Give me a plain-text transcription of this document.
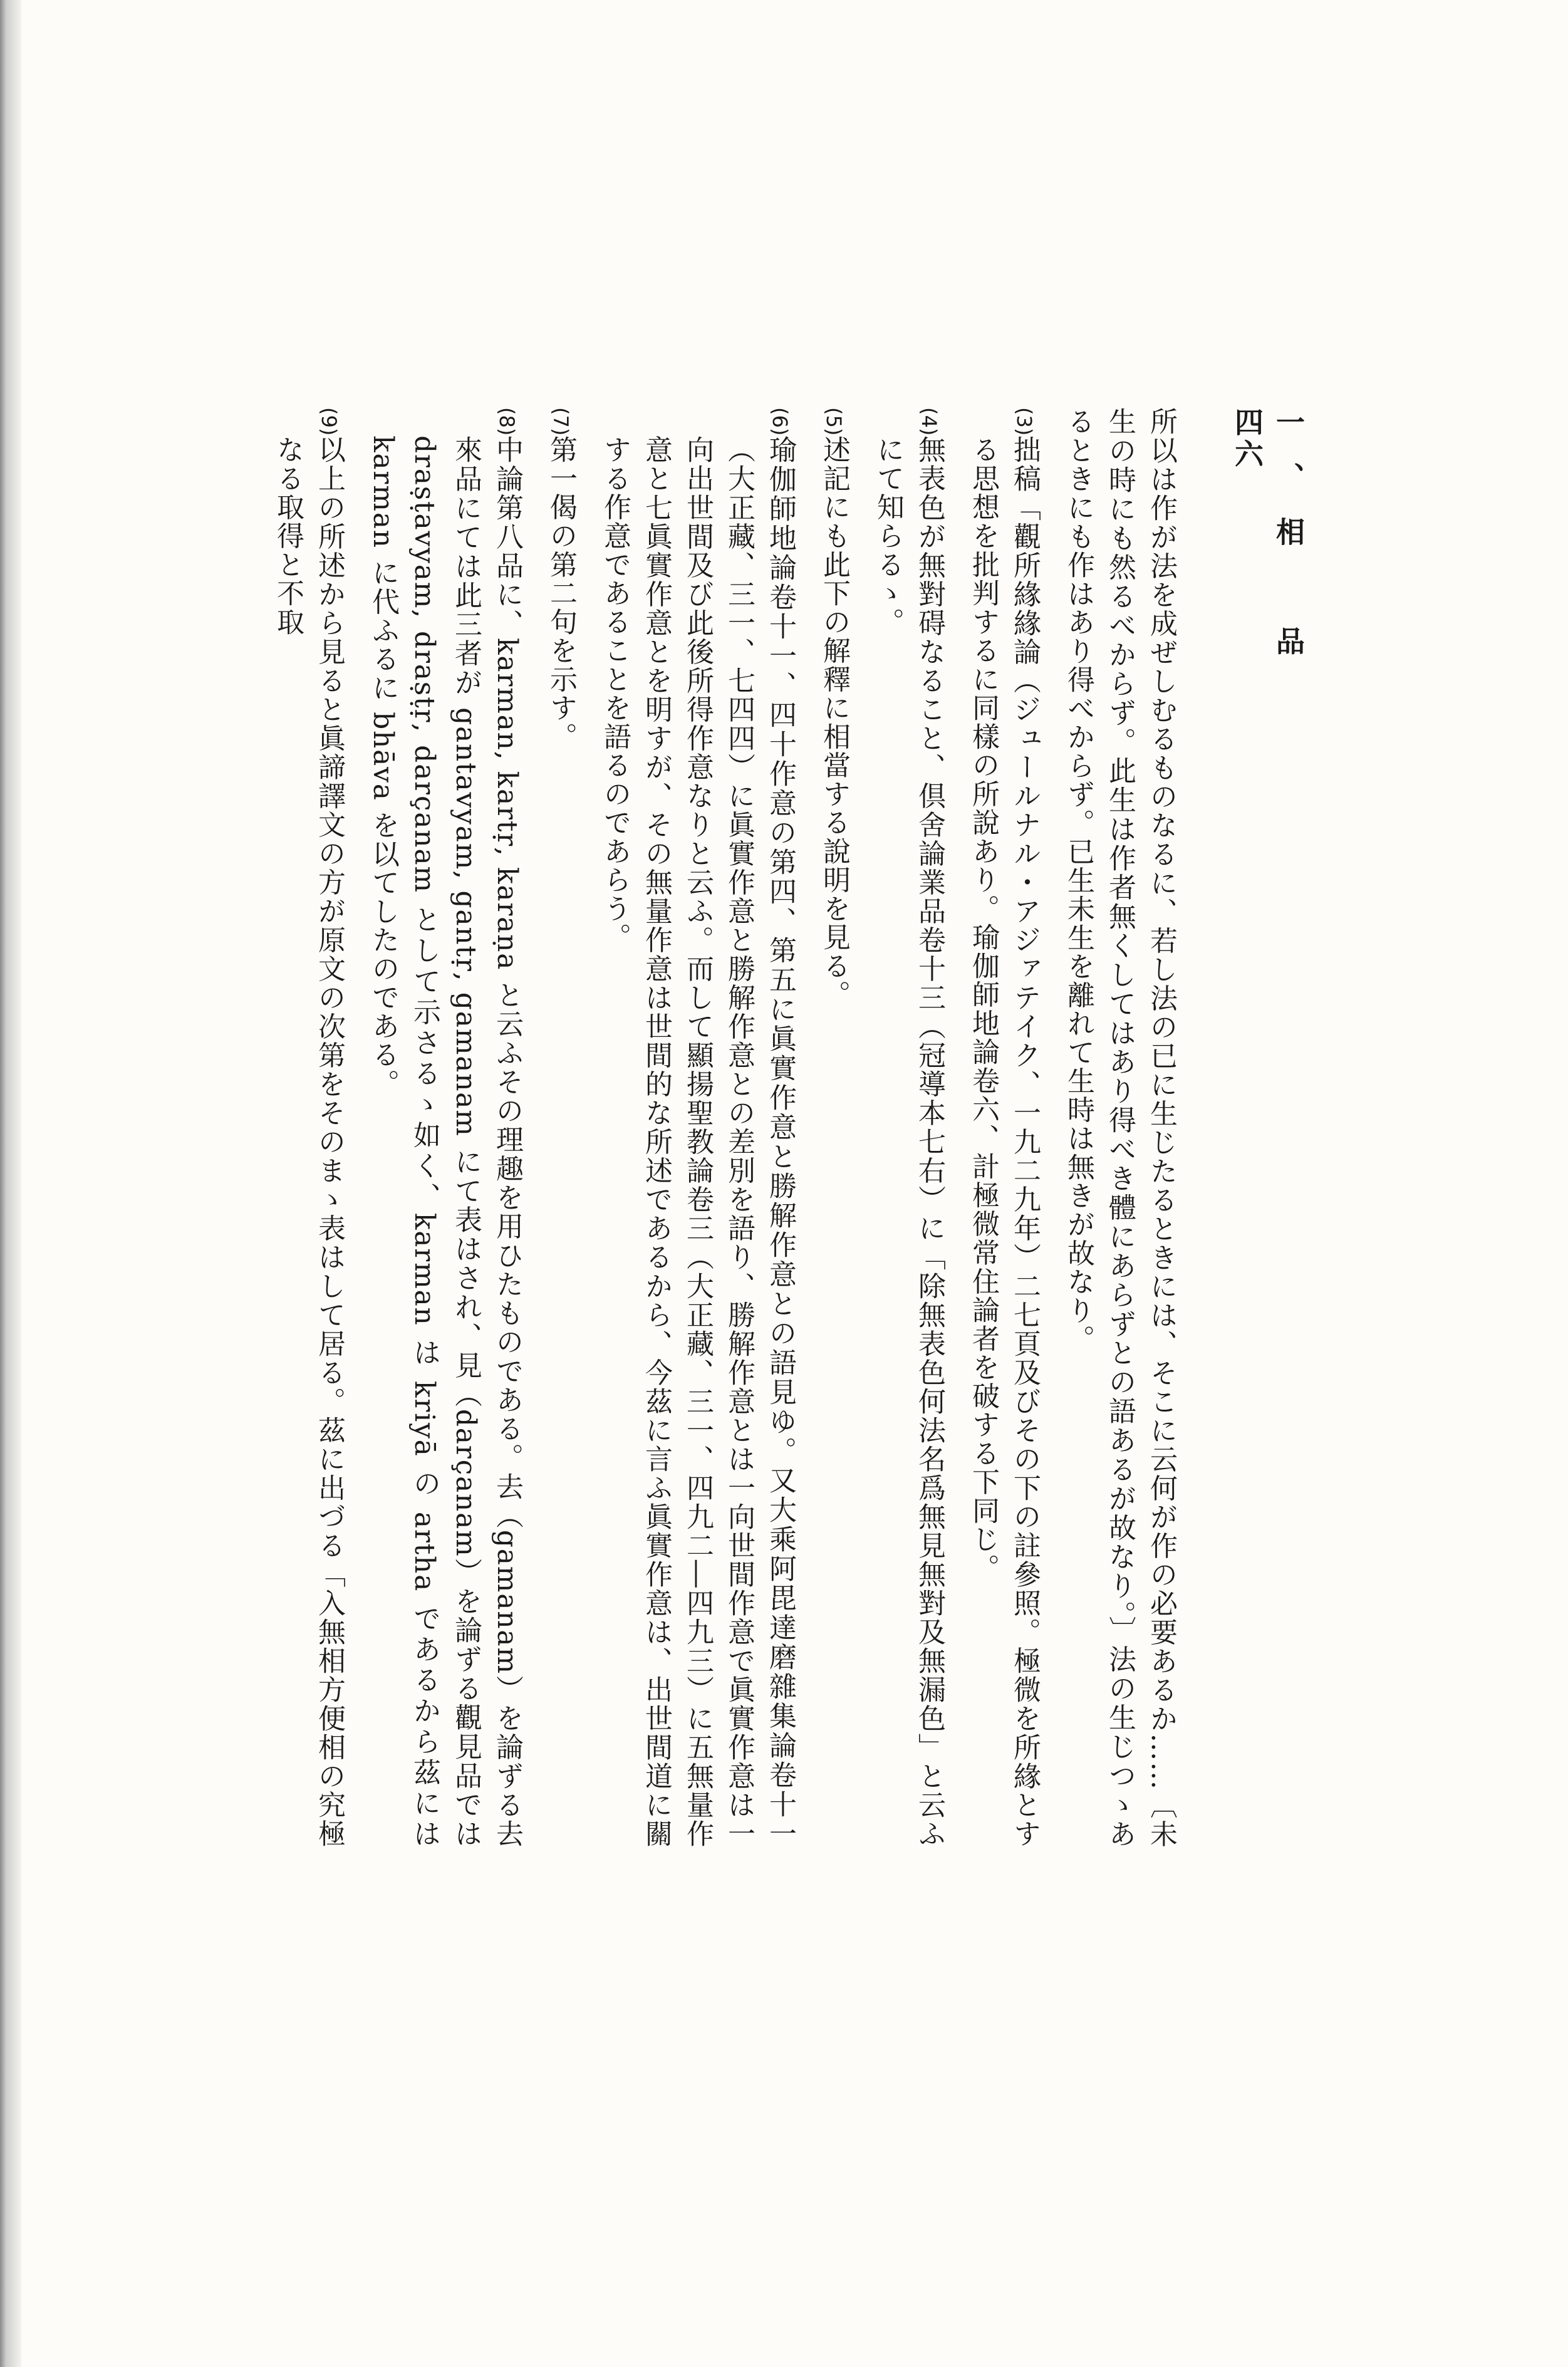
一、相　品
四六
所以は作が法を成ぜしむるものなるに、若し法の已に生じたるときには、そこに云何が作の必要あるか……〔未生の時にも然るべからず。此生は作者無くしてはあり得べき體にあらずとの語あるが故なり。〕法の生じつゝあるときにも作はあり得べからず。已生未生を離れて生時は無きが故なり。
(3)
拙稿「觀所緣緣論（ジュールナル・アジァテイク、一九二九年）二七頁及びその下の註參照。極微を所緣とする思想を批判するに同樣の所說あり。瑜伽師地論卷六、計極微常住論者を破する下同じ。
(4)
無表色が無對碍なること、倶舍論業品卷十三（冠導本七右）に「除無表色何法名爲無見無對及無漏色」と云ふにて知らるゝ。
(5)
述記にも此下の解釋に相當する說明を見る。
(6)
瑜伽師地論卷十一、四十作意の第四、第五に眞實作意と勝解作意との語見ゆ。又大乘阿毘達磨雜集論卷十一（大正藏、三一、七四四）に眞實作意と勝解作意との差別を語り、勝解作意とは一向世間作意で眞實作意は一向出世間及び此後所得作意なりと云ふ。而して顯揚聖教論卷三（大正藏、三一、四九二―四九三）に五無量作意と七眞實作意とを明すが、その無量作意は世間的な所述であるから、今茲に言ふ眞實作意は、出世間道に關する作意であることを語るのであらう。
(7)
第一偈の第二句を示す。
(8)
中論第八品に、karman, kartṛ, karaṇa と云ふその理趣を用ひたものである。去（gamanam）を論ずる去來品にては此三者が gantavyam, gantṛ, gamanam にて表はされ、見（darçanam）を論ずる觀見品では draṣṭavyam, draṣṭṛ, darçanam として示さるゝ如く、karman は kriyā の artha であるから茲には karman に代ふるに bhāva を以てしたのである。
(9)
以上の所述から見ると眞諦譯文の方が原文の次第をそのまゝ表はして居る。茲に出づる「入無相方便相の究極なる取得と不取
